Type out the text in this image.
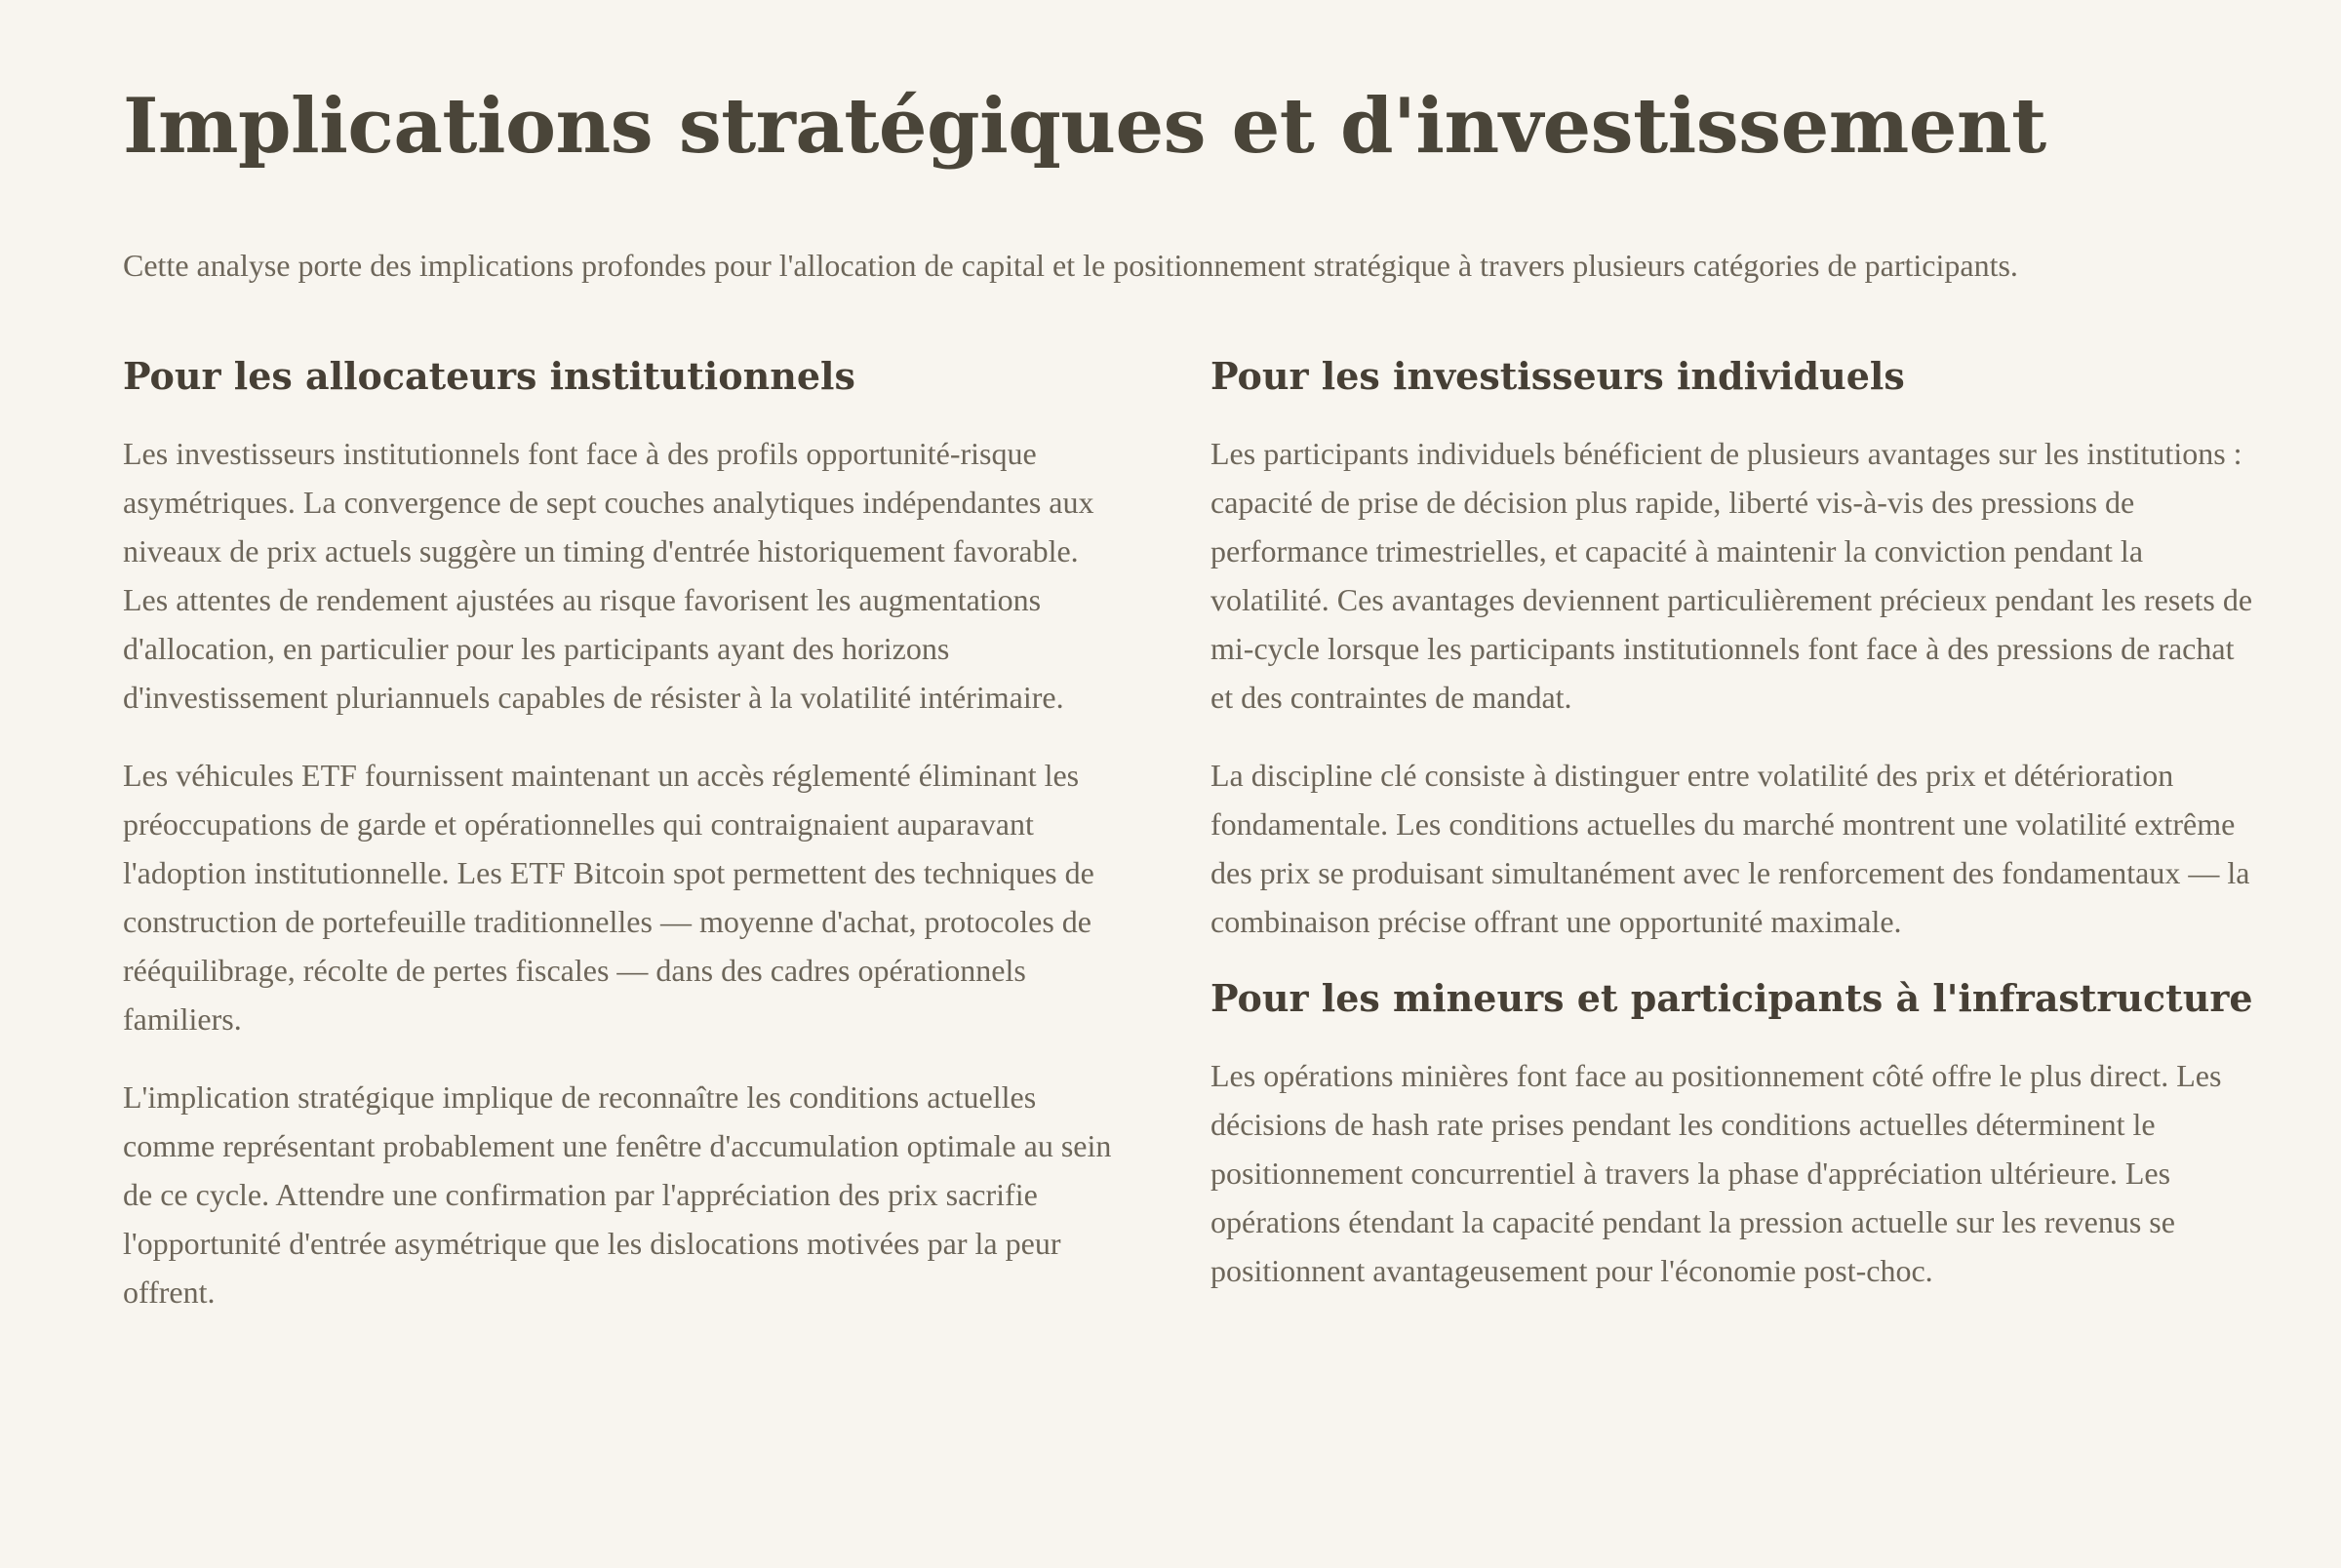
Implications stratégiques et d'investissement

Cette analyse porte des implications profondes pour l'allocation de capital et le positionnement stratégique à travers plusieurs catégories de participants.

Pour les allocateurs institutionnels

Les investisseurs institutionnels font face à des profils opportunité-risque asymétriques. La convergence de sept couches analytiques indépendantes aux niveaux de prix actuels suggère un timing d'entrée historiquement favorable. Les attentes de rendement ajustées au risque favorisent les augmentations d'allocation, en particulier pour les participants ayant des horizons d'investissement pluriannuels capables de résister à la volatilité intérimaire.

Les véhicules ETF fournissent maintenant un accès réglementé éliminant les préoccupations de garde et opérationnelles qui contraignaient auparavant l'adoption institutionnelle. Les ETF Bitcoin spot permettent des techniques de construction de portefeuille traditionnelles — moyenne d'achat, protocoles de rééquilibrage, récolte de pertes fiscales — dans des cadres opérationnels familiers.

L'implication stratégique implique de reconnaître les conditions actuelles comme représentant probablement une fenêtre d'accumulation optimale au sein de ce cycle. Attendre une confirmation par l'appréciation des prix sacrifie l'opportunité d'entrée asymétrique que les dislocations motivées par la peur offrent.

Pour les investisseurs individuels

Les participants individuels bénéficient de plusieurs avantages sur les institutions : capacité de prise de décision plus rapide, liberté vis-à-vis des pressions de performance trimestrielles, et capacité à maintenir la conviction pendant la volatilité. Ces avantages deviennent particulièrement précieux pendant les resets de mi-cycle lorsque les participants institutionnels font face à des pressions de rachat et des contraintes de mandat.

La discipline clé consiste à distinguer entre volatilité des prix et détérioration fondamentale. Les conditions actuelles du marché montrent une volatilité extrême des prix se produisant simultanément avec le renforcement des fondamentaux — la combinaison précise offrant une opportunité maximale.

Pour les mineurs et participants à l'infrastructure

Les opérations minières font face au positionnement côté offre le plus direct. Les décisions de hash rate prises pendant les conditions actuelles déterminent le positionnement concurrentiel à travers la phase d'appréciation ultérieure. Les opérations étendant la capacité pendant la pression actuelle sur les revenus se positionnent avantageusement pour l'économie post-choc.
